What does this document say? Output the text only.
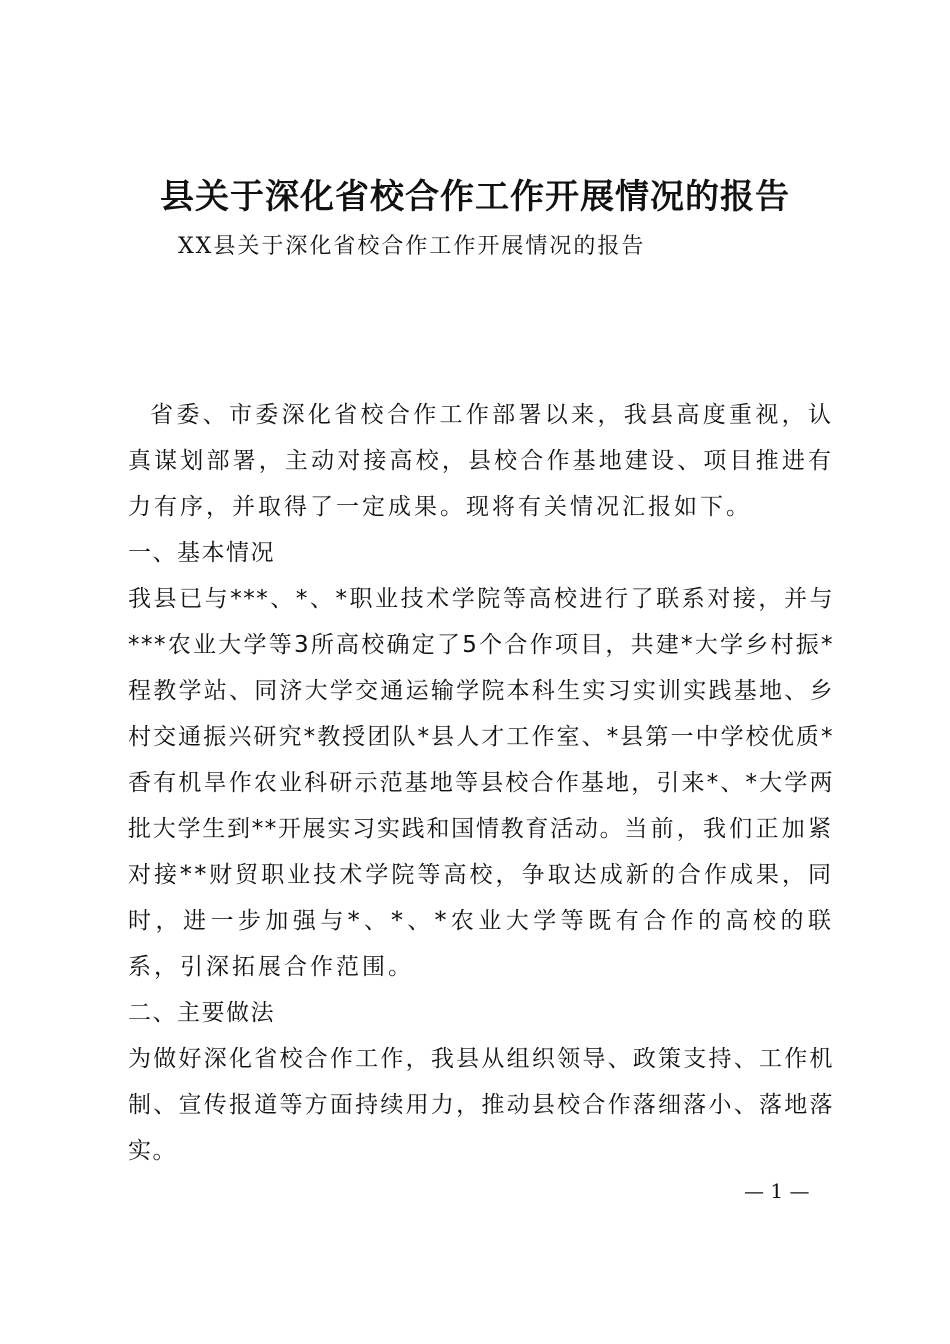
县关于深化省校合作工作开展情况的报告

XX县关于深化省校合作工作开展情况的报告

省委、市委深化省校合作工作部署以来，我县高度重视，认真谋划部署，主动对接高校，县校合作基地建设、项目推进有力有序，并取得了一定成果。现将有关情况汇报如下。

一、基本情况

我县已与***、*、*职业技术学院等高校进行了联系对接，并与***农业大学等3所高校确定了5个合作项目，共建*大学乡村振*程教学站、同济大学交通运输学院本科生实习实训实践基地、乡村交通振兴研究*教授团队*县人才工作室、*县第一中学校优质*香有机旱作农业科研示范基地等县校合作基地，引来*、*大学两批大学生到**开展实习实践和国情教育活动。当前，我们正加紧对接**财贸职业技术学院等高校，争取达成新的合作成果，同时，进一步加强与*、*、*农业大学等既有合作的高校的联系，引深拓展合作范围。

二、主要做法

为做好深化省校合作工作，我县从组织领导、政策支持、工作机制、宣传报道等方面持续用力，推动县校合作落细落小、落地落实。

— 1 —
